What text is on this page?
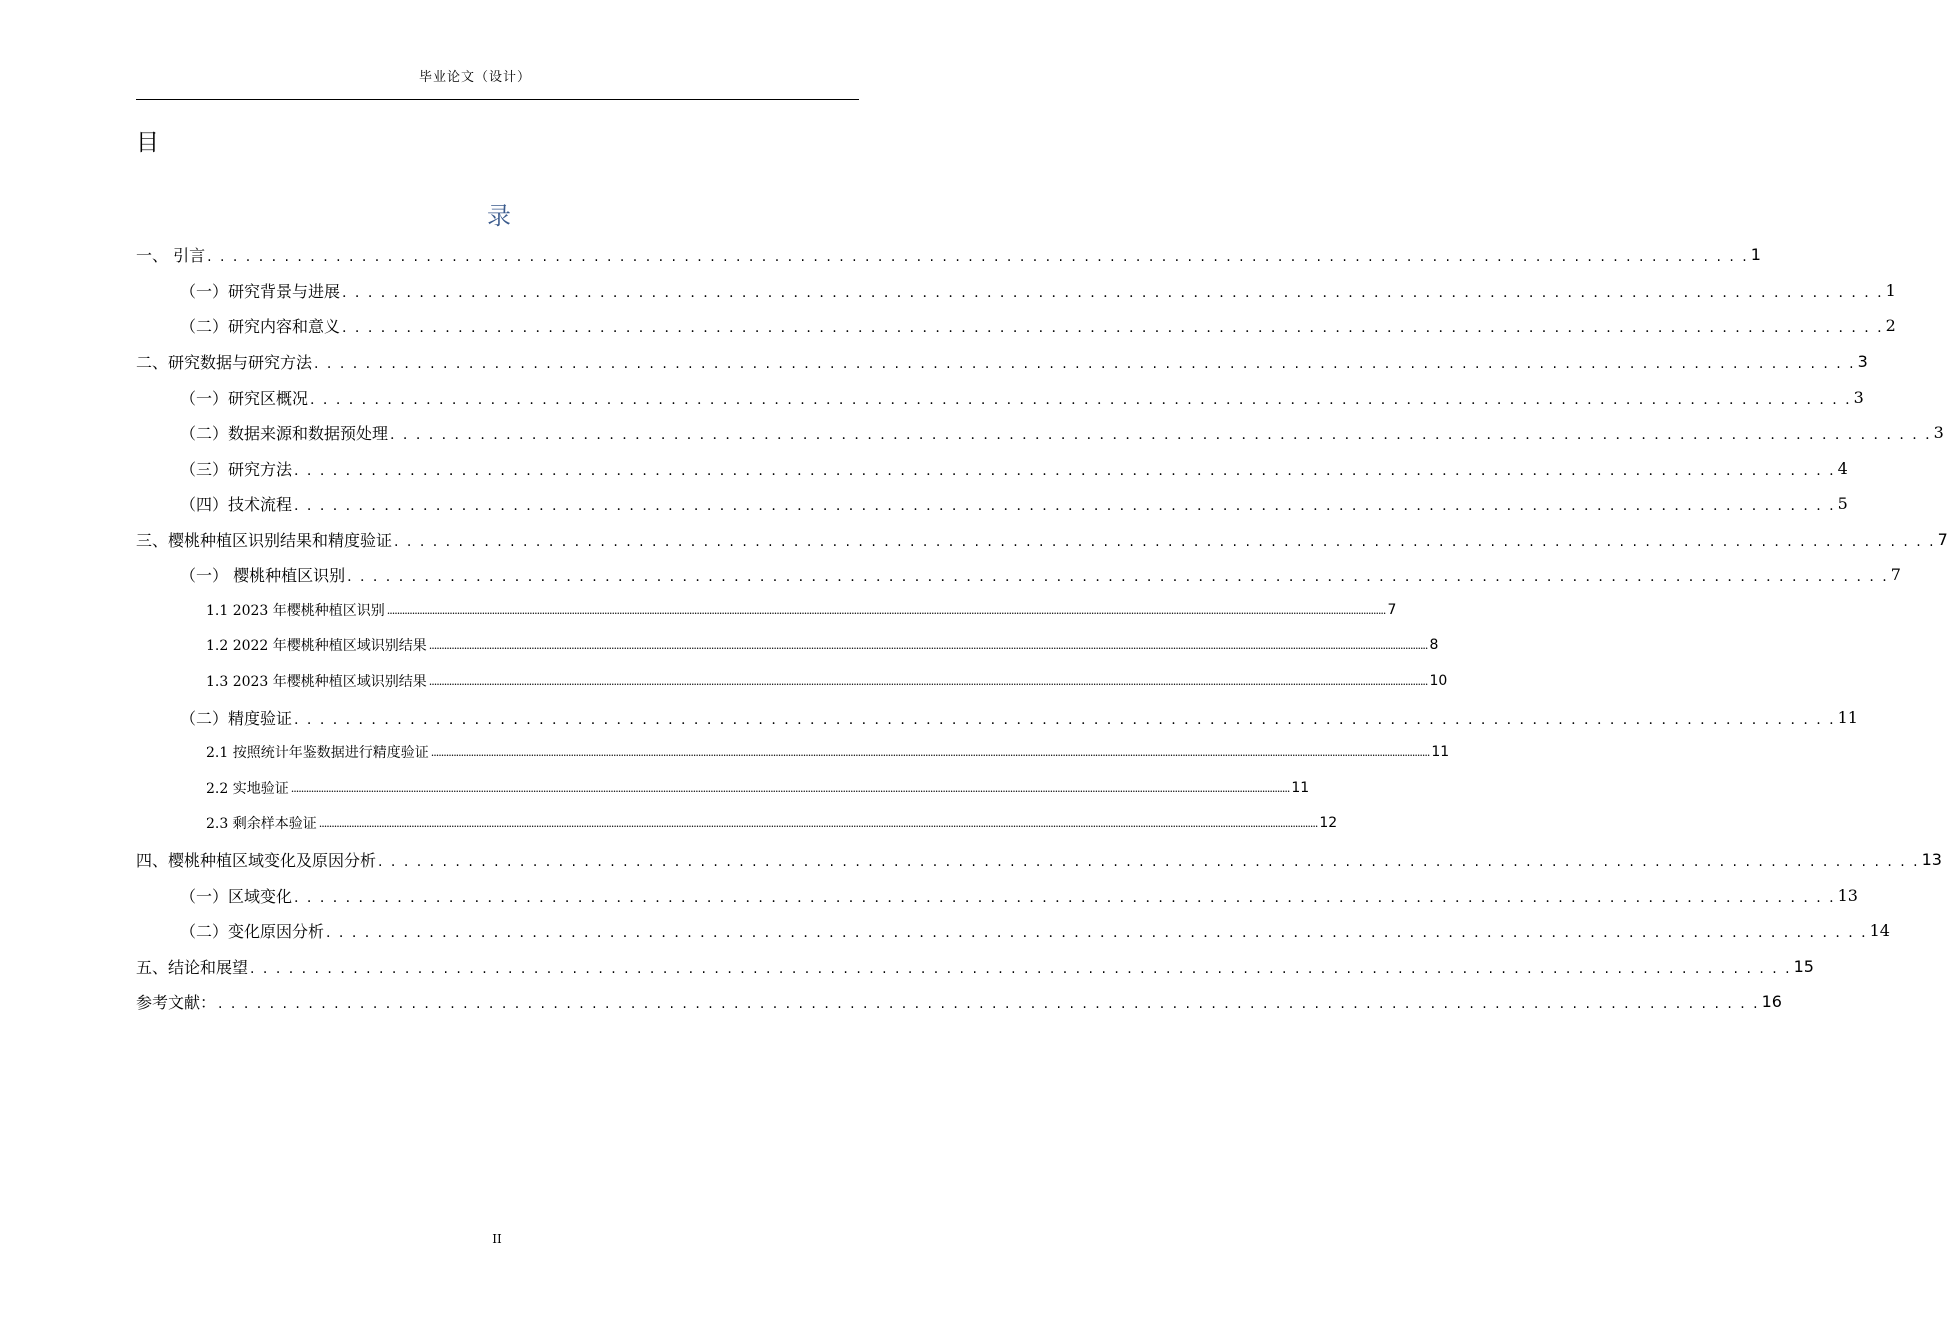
毕业论文（设计）
目
录
一、 引言 . . . . . . . . . . . . . . . . . . . . . . . . . . . . . . . . . . . . . . . . . . . . . . . . . . . . . . . . . . . . . . . . . . . . . . . . . . . . . . . . . . . . . . . . . . . . . . . . . . . . . . . . . . . . . . . . . . . . . . . . 1
（一）研究背景与进展 . . . . . . . . . . . . . . . . . . . . . . . . . . . . . . . . . . . . . . . . . . . . . . . . . . . . . . . . . . . . . . . . . . . . . . . . . . . . . . . . . . . . . . . . . . . . . . . . . . . . . . . . . . . . . . . . . . . . . . . . 1
（二）研究内容和意义 . . . . . . . . . . . . . . . . . . . . . . . . . . . . . . . . . . . . . . . . . . . . . . . . . . . . . . . . . . . . . . . . . . . . . . . . . . . . . . . . . . . . . . . . . . . . . . . . . . . . . . . . . . . . . . . . . . . . . . . . 2
二、研究数据与研究方法 . . . . . . . . . . . . . . . . . . . . . . . . . . . . . . . . . . . . . . . . . . . . . . . . . . . . . . . . . . . . . . . . . . . . . . . . . . . . . . . . . . . . . . . . . . . . . . . . . . . . . . . . . . . . . . . . . . . . . . . . 3
（一）研究区概况 . . . . . . . . . . . . . . . . . . . . . . . . . . . . . . . . . . . . . . . . . . . . . . . . . . . . . . . . . . . . . . . . . . . . . . . . . . . . . . . . . . . . . . . . . . . . . . . . . . . . . . . . . . . . . . . . . . . . . . . . 3
（二）数据来源和数据预处理 . . . . . . . . . . . . . . . . . . . . . . . . . . . . . . . . . . . . . . . . . . . . . . . . . . . . . . . . . . . . . . . . . . . . . . . . . . . . . . . . . . . . . . . . . . . . . . . . . . . . . . . . . . . . . . . . . . . . . . . . 3
（三）研究方法 . . . . . . . . . . . . . . . . . . . . . . . . . . . . . . . . . . . . . . . . . . . . . . . . . . . . . . . . . . . . . . . . . . . . . . . . . . . . . . . . . . . . . . . . . . . . . . . . . . . . . . . . . . . . . . . . . . . . . . . . 4
（四）技术流程 . . . . . . . . . . . . . . . . . . . . . . . . . . . . . . . . . . . . . . . . . . . . . . . . . . . . . . . . . . . . . . . . . . . . . . . . . . . . . . . . . . . . . . . . . . . . . . . . . . . . . . . . . . . . . . . . . . . . . . . . 5
三、樱桃种植区识别结果和精度验证 . . . . . . . . . . . . . . . . . . . . . . . . . . . . . . . . . . . . . . . . . . . . . . . . . . . . . . . . . . . . . . . . . . . . . . . . . . . . . . . . . . . . . . . . . . . . . . . . . . . . . . . . . . . . . . . . . . . . . . . . 7
（一） 樱桃种植区识别 . . . . . . . . . . . . . . . . . . . . . . . . . . . . . . . . . . . . . . . . . . . . . . . . . . . . . . . . . . . . . . . . . . . . . . . . . . . . . . . . . . . . . . . . . . . . . . . . . . . . . . . . . . . . . . . . . . . . . . . . 7
1.1 2023 年樱桃种植区识别 ................................................................................................................................................................................................................................................................................................................................................................................................................ 7
1.2 2022 年樱桃种植区域识别结果 ................................................................................................................................................................................................................................................................................................................................................................................................................ 8
1.3 2023 年樱桃种植区域识别结果 ................................................................................................................................................................................................................................................................................................................................................................................................................ 10
（二）精度验证 . . . . . . . . . . . . . . . . . . . . . . . . . . . . . . . . . . . . . . . . . . . . . . . . . . . . . . . . . . . . . . . . . . . . . . . . . . . . . . . . . . . . . . . . . . . . . . . . . . . . . . . . . . . . . . . . . . . . . . . . 11
2.1 按照统计年鉴数据进行精度验证 ................................................................................................................................................................................................................................................................................................................................................................................................................ 11
2.2 实地验证 ................................................................................................................................................................................................................................................................................................................................................................................................................ 11
2.3 剩余样本验证 ................................................................................................................................................................................................................................................................................................................................................................................................................ 12
四、樱桃种植区域变化及原因分析 . . . . . . . . . . . . . . . . . . . . . . . . . . . . . . . . . . . . . . . . . . . . . . . . . . . . . . . . . . . . . . . . . . . . . . . . . . . . . . . . . . . . . . . . . . . . . . . . . . . . . . . . . . . . . . . . . . . . . . . . 13
（一）区域变化 . . . . . . . . . . . . . . . . . . . . . . . . . . . . . . . . . . . . . . . . . . . . . . . . . . . . . . . . . . . . . . . . . . . . . . . . . . . . . . . . . . . . . . . . . . . . . . . . . . . . . . . . . . . . . . . . . . . . . . . . 13
（二）变化原因分析 . . . . . . . . . . . . . . . . . . . . . . . . . . . . . . . . . . . . . . . . . . . . . . . . . . . . . . . . . . . . . . . . . . . . . . . . . . . . . . . . . . . . . . . . . . . . . . . . . . . . . . . . . . . . . . . . . . . . . . . . 14
五、结论和展望 . . . . . . . . . . . . . . . . . . . . . . . . . . . . . . . . . . . . . . . . . . . . . . . . . . . . . . . . . . . . . . . . . . . . . . . . . . . . . . . . . . . . . . . . . . . . . . . . . . . . . . . . . . . . . . . . . . . . . . . . 15
参考文献： . . . . . . . . . . . . . . . . . . . . . . . . . . . . . . . . . . . . . . . . . . . . . . . . . . . . . . . . . . . . . . . . . . . . . . . . . . . . . . . . . . . . . . . . . . . . . . . . . . . . . . . . . . . . . . . . . . . . . . . . 16
II
